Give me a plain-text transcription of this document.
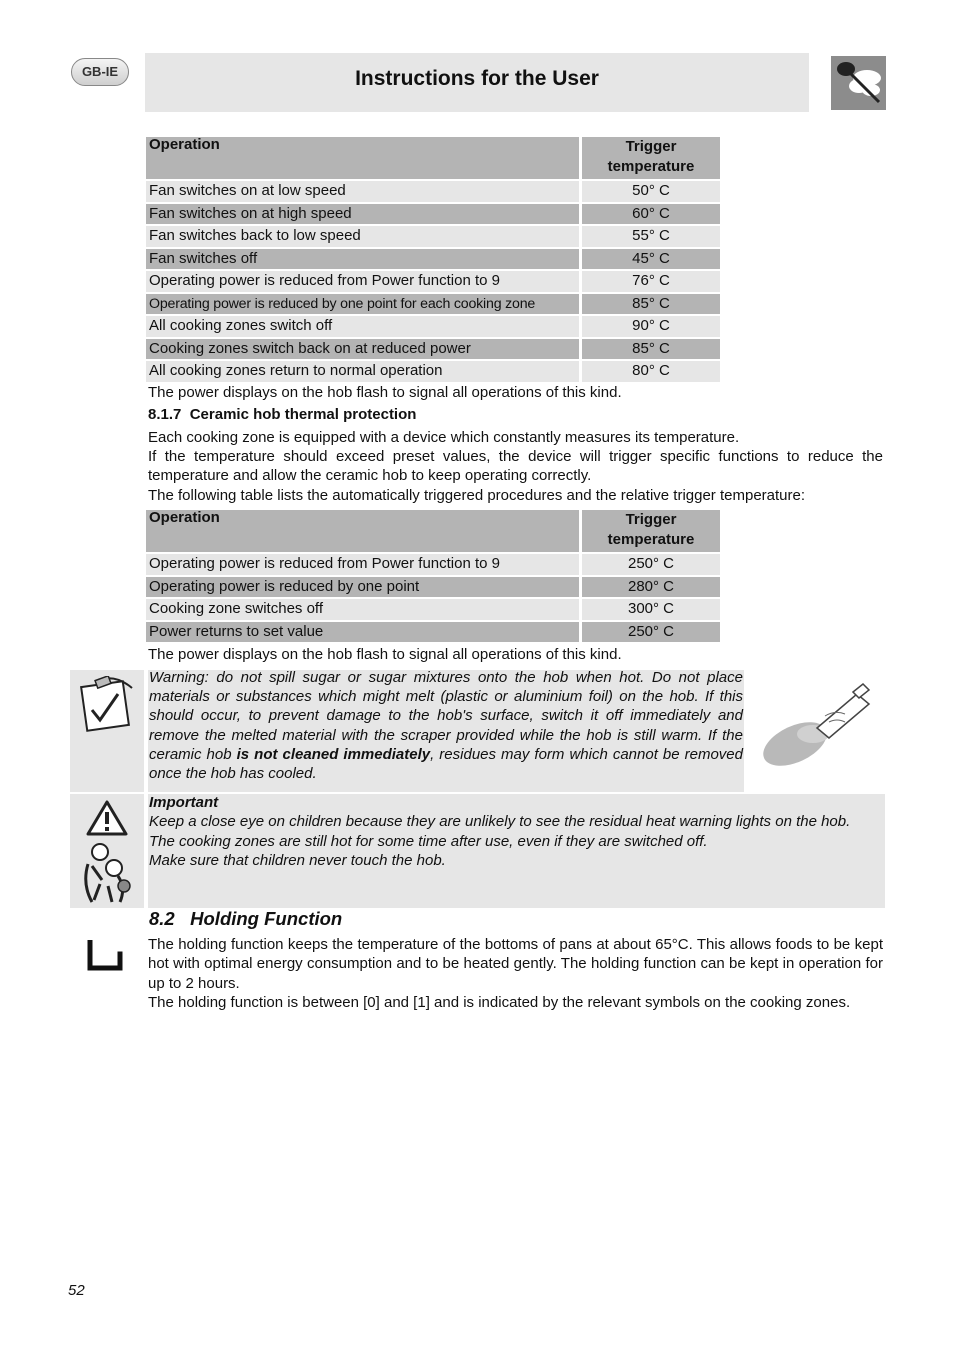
GB-IE	Instructions for the User
Operation		Trigger
temperature
Fan switches on at low speed		50° C
Fan switches on at high speed		60° C
Fan switches back to low speed		55° C
Fan switches off		45° C
Operating power is reduced from Power function to 9		76° C
Operating power is reduced by one point for each cooking zone		85° C
All cooking zones switch off		90° C
Cooking zones switch back on at reduced power		85° C
All cooking zones return to normal operation		80° C
The power displays on the hob flash to signal all operations of this kind.
8.1.7 Ceramic hob thermal protection
Each cooking zone is equipped with a device which constantly measures its temperature.
If the temperature should exceed preset values, the device will trigger specific functions to reduce the temperature and allow the ceramic hob to keep operating correctly.
The following table lists the automatically triggered procedures and the relative trigger temperature:
Operation		Trigger
temperature
Operating power is reduced from Power function to 9		250° C
Operating power is reduced by one point		280° C
Cooking zone switches off		300° C
Power returns to set value		250° C
The power displays on the hob flash to signal all operations of this kind.
Warning: do not spill sugar or sugar mixtures onto the hob when hot. Do not place materials or substances which might melt (plastic or aluminium foil) on the hob. If this should occur, to prevent damage to the hob's surface, switch it off immediately and remove the melted material with the scraper provided while the hob is still warm. If the ceramic hob is not cleaned immediately, residues may form which cannot be removed once the hob has cooled.
Important
Keep a close eye on children because they are unlikely to see the residual heat warning lights on the hob.
The cooking zones are still hot for some time after use, even if they are switched off.
Make sure that children never touch the hob.
8.2 Holding Function
The holding function keeps the temperature of the bottoms of pans at about 65°C. This allows foods to be kept hot with optimal energy consumption and to be heated gently. The holding function can be kept in operation for up to 2 hours.
The holding function is between [0] and [1] and is indicated by the relevant symbols on the cooking zones.
52
